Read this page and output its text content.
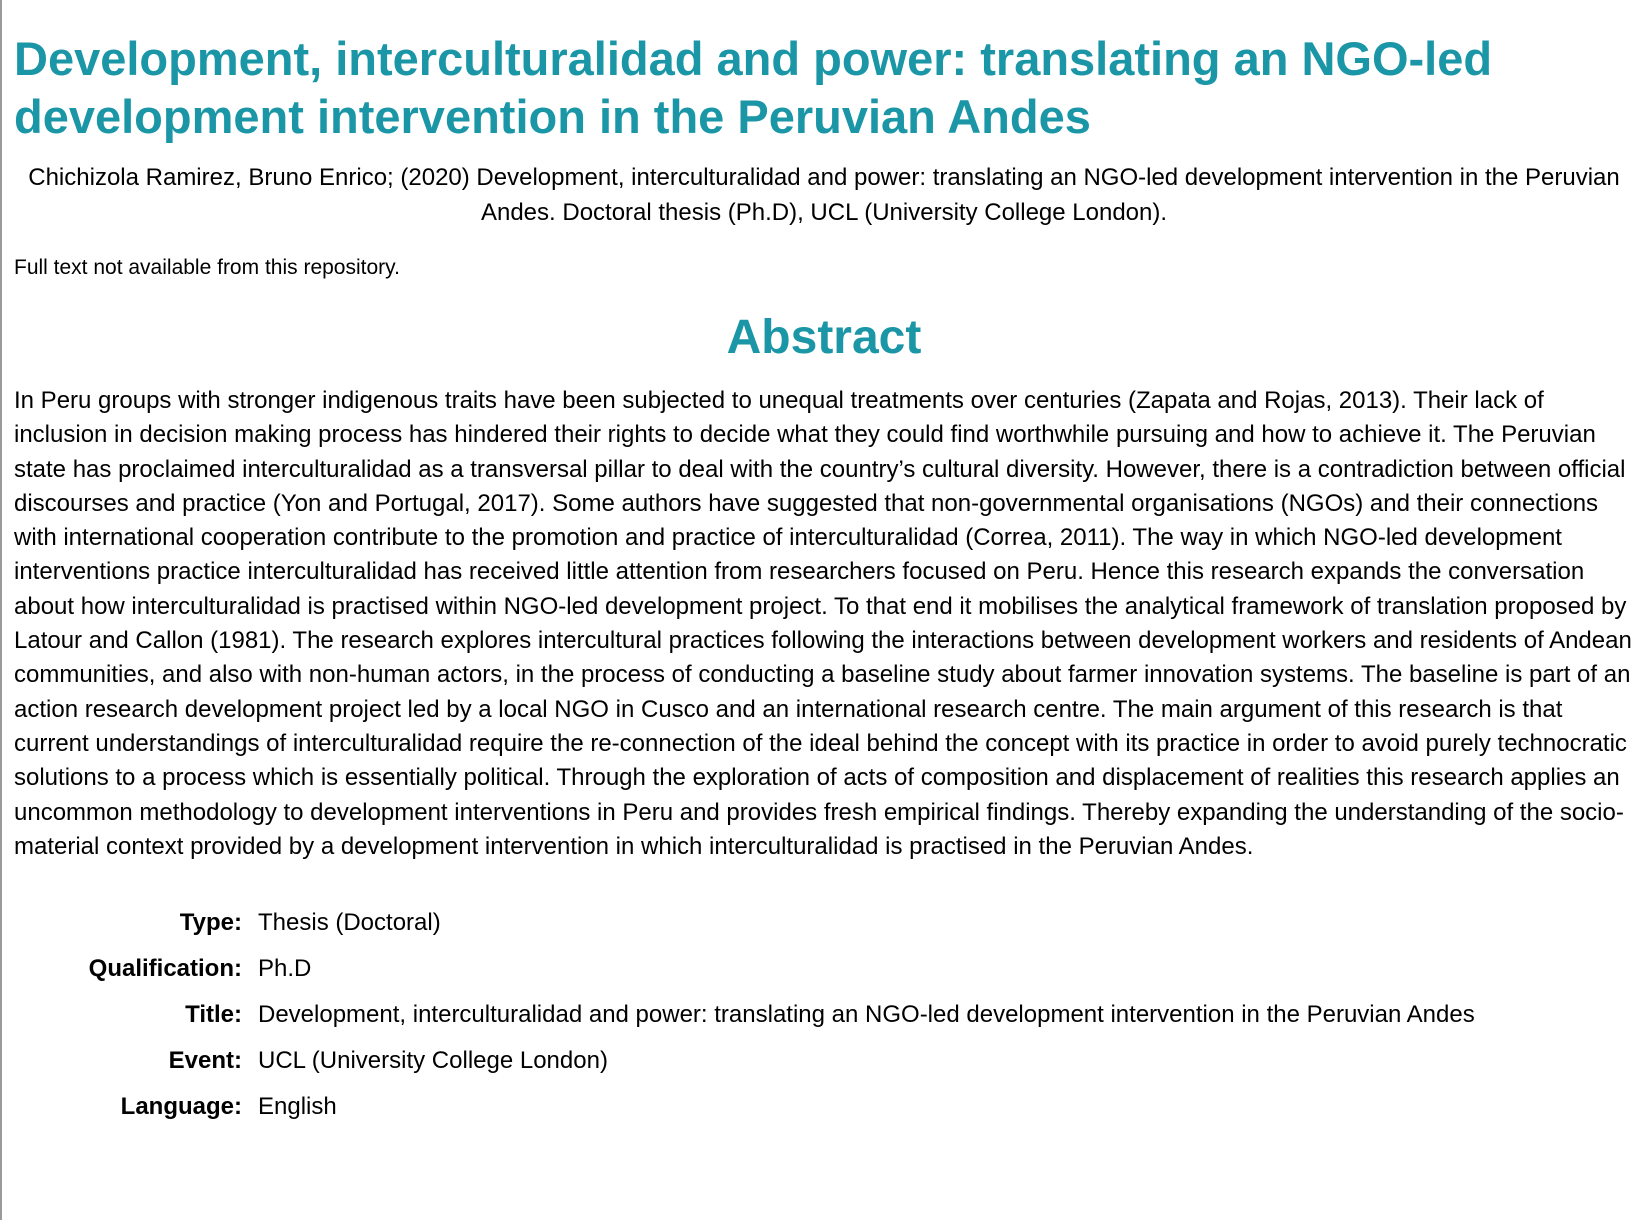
Development, interculturalidad and power: translating an NGO-led development intervention in the Peruvian Andes

Chichizola Ramirez, Bruno Enrico; (2020) Development, interculturalidad and power: translating an NGO-led development intervention in the Peruvian Andes. Doctoral thesis (Ph.D), UCL (University College London).

Full text not available from this repository.

Abstract

In Peru groups with stronger indigenous traits have been subjected to unequal treatments over centuries (Zapata and Rojas, 2013). Their lack of inclusion in decision making process has hindered their rights to decide what they could find worthwhile pursuing and how to achieve it. The Peruvian state has proclaimed interculturalidad as a transversal pillar to deal with the country’s cultural diversity. However, there is a contradiction between official discourses and practice (Yon and Portugal, 2017). Some authors have suggested that non-governmental organisations (NGOs) and their connections with international cooperation contribute to the promotion and practice of interculturalidad (Correa, 2011). The way in which NGO-led development interventions practice interculturalidad has received little attention from researchers focused on Peru. Hence this research expands the conversation about how interculturalidad is practised within NGO-led development project. To that end it mobilises the analytical framework of translation proposed by Latour and Callon (1981). The research explores intercultural practices following the interactions between development workers and residents of Andean communities, and also with non-human actors, in the process of conducting a baseline study about farmer innovation systems. The baseline is part of an action research development project led by a local NGO in Cusco and an international research centre. The main argument of this research is that current understandings of interculturalidad require the re-connection of the ideal behind the concept with its practice in order to avoid purely technocratic solutions to a process which is essentially political. Through the exploration of acts of composition and displacement of realities this research applies an uncommon methodology to development interventions in Peru and provides fresh empirical findings. Thereby expanding the understanding of the socio-material context provided by a development intervention in which interculturalidad is practised in the Peruvian Andes.

Type:	Thesis (Doctoral)
Qualification:	Ph.D
Title:	Development, interculturalidad and power: translating an NGO-led development intervention in the Peruvian Andes
Event:	UCL (University College London)
Language:	English
